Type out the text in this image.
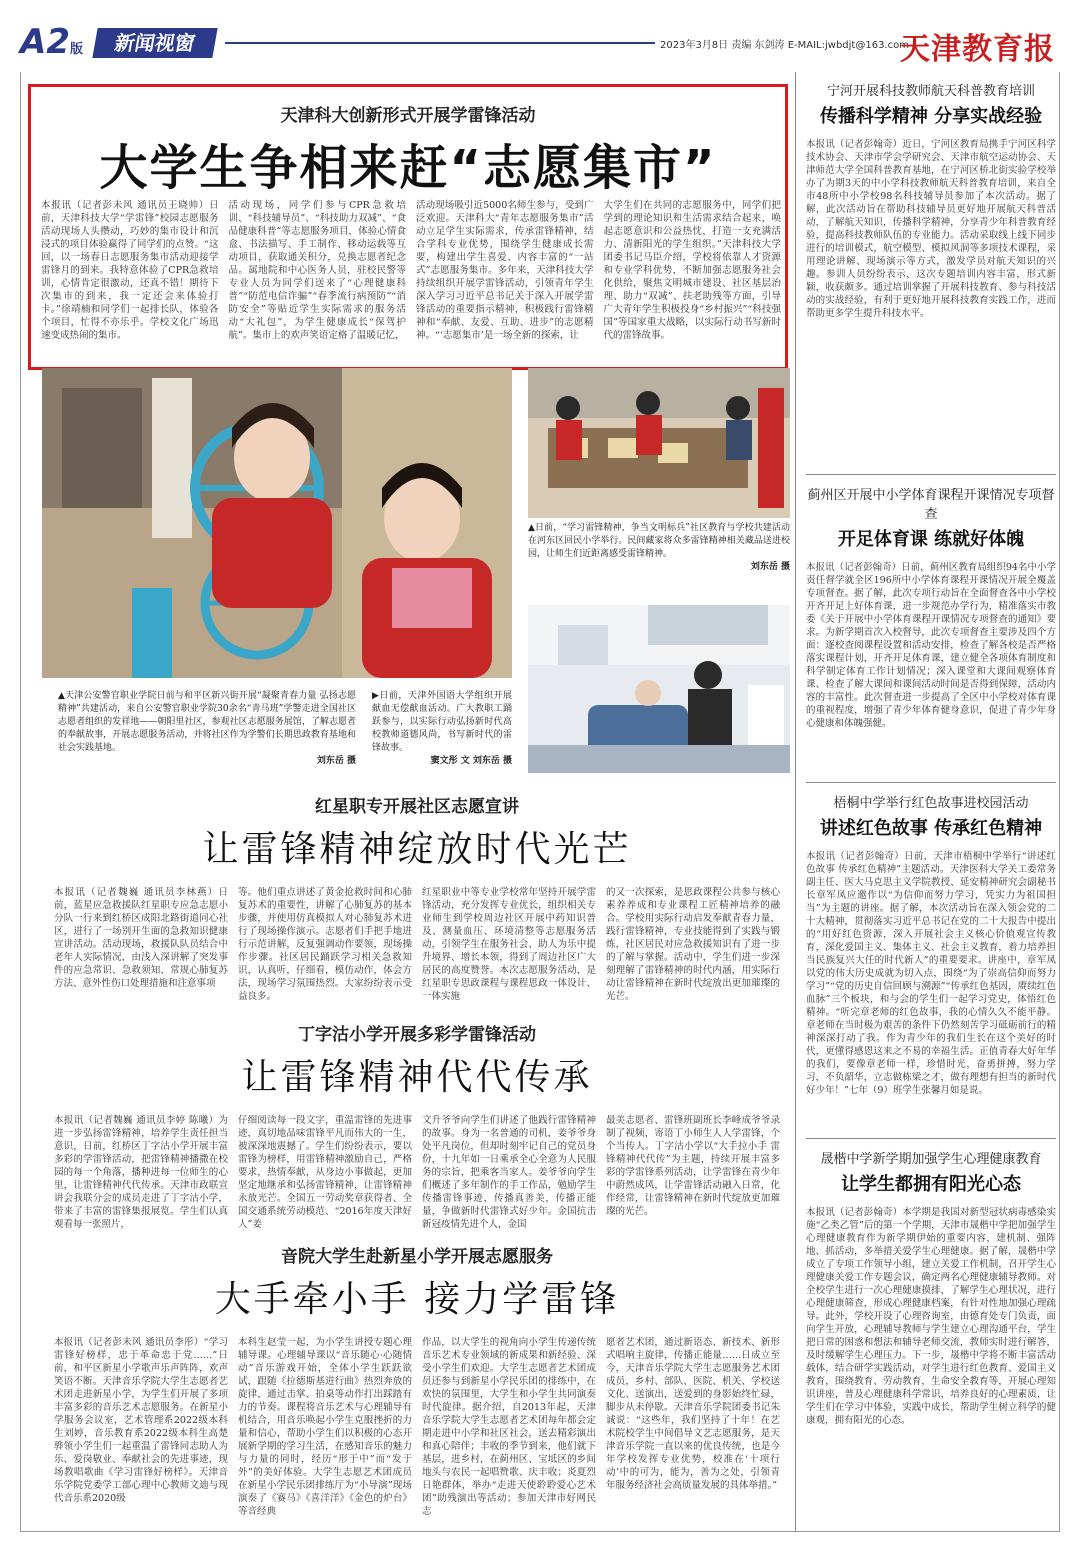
A2版	新闻视窗	2023年3月8日 责编 东剑涛 E-MAIL:jwbdjt@163.com
天津教育报
天津科大创新形式开展学雷锋活动
大学生争相来赶“志愿集市”
本报讯（记者彭未风 通讯员王晓帅）日前，天津科技大学“学雷锋”校园志愿服务活动现场人头攒动，巧妙的集市设计和沉浸式的项目体验赢得了同学们的点赞。“这回，以一场春日志愿服务集市活动迎接学雷锋月的到来。我特意体验了CPR急救培训，心情肯定很激动，还真不错！期待下次集市的到来，我一定还会来体验打卡。”徐靖楠和同学们一起排长队，体验各个项目，忙得不亦乐乎。学校文化广场迅速变成热闹的集市。
活动现场，同学们参与CPR急救培训、“科技辅导员”、“科技助力双减”、“食品健康科普”等志愿服务项目，体验心情食盒、书法描写、手工制作、移动运载等互动项目，获取通关积分，兑换志愿者纪念品。属地院和中心医务人员，驻校民警等专业人员为同学们送来了“心理健康科普”“防范电信诈骗”“春季流行病预防”“消防安全”等贴近学生实际需求的服务活动“大礼包”，为学生健康成长“保驾护航”。集市上的欢声笑语定格了温暖记忆，
活动现场吸引近5000名师生参与，受到广泛欢迎。天津科大“青年志愿服务集市”活动立足学生实际需求，传承雷锋精神，结合学科专业优势，围绕学生健康成长需要，构建出学生喜爱、内容丰富的“一站式”志愿服务集市。多年来，天津科技大学持续组织开展学雷锋活动，引领青年学生深入学习习近平总书记关于深入开展学雷锋活动的重要指示精神，积极践行雷锋精神和“奉献、友爱、互助、进步”的志愿精神。“‘志愿集市’是一场全新的探索，让
大学生们在共同的志愿服务中，同学们把学到的理论知识和生活需求结合起来，唤起志愿意识和公益热忱，打造一支充满活力、清新阳光的学生组织。”天津科技大学团委书记马臣介绍，学校将依靠人才资源和专业学科优势，不断加强志愿服务社会化供给，聚焦文明城市建设、社区基层治理、助力“双减”、扶老助残等方面，引导广大青年学生积极投身“乡村振兴”“科技强国”等国家重大战略，以实际行动书写新时代的雷锋故事。
▲日前，“学习雷锋精神，争当文明标兵”社区教育与学校共建活动在河东区回民小学举行。民间藏家将众多雷锋精神相关藏品送进校园，让师生们近距离感受雷锋精神。
刘东岳 摄
▲天津公安警官职业学院日前与和平区新兴街开展“凝聚青春力量 弘扬志愿精神”共建活动，来自公安警官职业学院30余名“青马班”学警走进全国社区志愿者组织的发祥地——朝阳里社区，参观社区志愿服务展馆，了解志愿者的奉献故事，开展志愿服务活动，并将社区作为学警们长期思政教育基地和社会实践基地。
刘东岳 摄
▶日前，天津外国语大学组织开展献血无偿献血活动。广大教职工踊跃参与，以实际行动弘扬新时代高校教师道德风尚，书写新时代的雷锋故事。
窦文彤 文 刘东岳 摄
红星职专开展社区志愿宣讲
让雷锋精神绽放时代光芒
本报讯（记者魏巍 通讯员李林燕）日前，蓝星应急救援队红星职专应急志愿小分队一行来到红桥区成阳北路街道同心社区，进行了一场别开生面的急救知识健康宣讲活动。活动现场，救援队队员结合中老年人实际情况，由浅入深讲解了突发事件的应急常识、急救须知、常规心肺复苏方法、意外性伤口处理措施和注意事项
等。他们重点讲述了黄金抢救时间和心肺复苏术的重要性，讲解了心肺复苏的基本步骤，并使用仿真模拟人对心肺复苏术进行了现场操作演示。志愿者们手把手地进行示范讲解，反复强调动作要领，现场操作步骤。社区居民踊跃学习相关急救知识，认真听，仔细看，模仿动作，体会方法，现场学习氛围热烈。大家纷纷表示受益良多。
红星职业中等专业学校常年坚持开展学雷锋活动，充分发挥专业优长，组织相关专业师生到学校周边社区开展中药知识普及、测量血压、环境清整等志愿服务活动，引领学生在服务社会、助人为乐中提升境界、增长本领，得到了周边社区广大居民的高度赞誉。本次志愿服务活动，是红星职专思政课程与课程思政一体设计、一体实施
的又一次探索，是思政课程公共参与核心素养养成和专业课程工匠精神培养的融合。学校用实际行动启发奉献青春力量，践行雷锋精神，专业技能得到了实践与锻炼，社区居民对应急救援知识有了进一步的了解与掌握。活动中，学生们进一步深刻理解了雷锋精神的时代内涵，用实际行动让雷锋精神在新时代绽放出更加璀璨的光芒。
丁字沽小学开展多彩学雷锋活动
让雷锋精神代代传承
本报讯（记者魏巍 通讯员李婷 陈曦）为进一步弘扬雷锋精神，培养学生责任担当意识，日前，红桥区丁字沽小学开展丰富多彩的学雷锋活动，把雷锋精神播撒在校园的每一个角落，播种进每一位师生的心里，让雷锋精神代代传承。天津市政联宣讲会我联分会的成员走进了丁字沽小学，带来了丰富的雷锋集报展览。学生们认真观看每一张照片，
仔细阅读每一段文字，重温雷锋的先进事迹，真切地品味雷锋平凡而伟大的一生，被深深地震撼了。学生们纷纷表示，要以雷锋为榜样，用雷锋精神激励自己，严格要求，热情奉献，从身边小事做起，更加坚定地继承和弘扬雷锋精神，让雷锋精神永放光芒。全国五一劳动奖章获得者、全国交通系统劳动模范、“2016年度天津好人”姜
文升爷爷向学生们讲述了他践行雷锋精神的故事。身为一名普通的司机，姜爷爷身处平凡岗位，但却时刻牢记自己的党员身份，十九年如一日乘承全心全意为人民服务的宗旨，把乘客当家人。姜爷爷向学生们概述了多年制作的手工作品，勉励学生传播雷锋事迹，传播真善美，传播正能量，争做新时代雷锋式好少年。金国抗击新冠疫情先进个人，金国
最美志愿者、雷锋班副班长李峰成爷爷录制了视频，寄语丁小师生人人学雷锋，个个当传人。丁字沽小学以“大手拉小手 雷锋精神代代传”为主题，持续开展丰富多彩的学雷锋系列活动，让学雷锋在青少年中蔚然成风，让学雷锋活动融入日常，化作经常，让雷锋精神在新时代绽放更加璀璨的光芒。
音院大学生赴新星小学开展志愿服务
大手牵小手 接力学雷锋
本报讯（记者彭未风 通讯员李彤）“学习雷锋好榜样，忠于革命忠于党……”日前，和平区新星小学歌声乐声阵阵，欢声笑语不断。天津音乐学院大学生志愿者艺术团走进新星小学，为学生们开展了多项丰富多彩的音乐艺术志愿服务。在新星小学服务会议室，艺术管理系2022级本科生刘婷，音乐教育系2022级本科生高楚骅领小学生们一起重温了雷锋同志助人为乐、爱岗敬业、奉献社会的先进事迹，现场教唱歌曲《学习雷锋好榜样》。天津音乐学院党委学工部心理中心教师文迪与现代音乐系2020级
本科生赵莹一起，为小学生讲授专题心理辅导课。心理辅导课以“音乐随心·心随情动”音乐游戏开始，全体小学生跃跃欲试，跟随《拉德斯基进行曲》热烈奔放的旋律，通过击掌、拍桌等动作打出踩踏有力的节奏。课程将音乐艺术与心理辅导有机结合，用音乐唤起小学生克服挫折的力量和信心，帮助小学生们以积极的心态开展新学期的学习生活，在感知音乐的魅力与力量的同时，经历“形于中”而“发于外”的美好体验。大学生志愿艺术团成员在新星小学民乐团排练厅为“小导演”现场演奏了《赛马》《喜洋洋》《金色的炉台》等音经典
作品，以大学生的视角向小学生传递传统音乐艺术专业领域的新成果和新经验、深受小学生们欢迎。大学生志愿者艺术团成员还参与到新星小学民乐团的排练中，在欢快的氛围里，大学生和小学生共同演奏时代旋律。据介绍，自2013年起，天津音乐学院大学生志愿者艺术团每年都会定期走进中小学和社区社会，送去精彩演出和真心陪伴；丰收的季节到来，他们就下基层，进乡村，在蓟州区、宝坻区的乡间地头与农民一起唱赞歌、庆丰收；炎夏烈日艳群体，举办“走进天使聆聆爱心艺术团”助残演出等活动；参加天津市好网民志
愿者艺术团，通过新语态、新技术、新形式唱响主旋律，传播正能量……日成立至今，天津音乐学院大学生志愿服务艺术团成员，乡村、部队、医院、机关、学校送文化、送演出，送爱到的身影始终忙碌，脚步从未停歇。天津音乐学院团委书记朱诚说：“这些年，我们坚持了十年！在艺术院校学生中间倡导文艺志愿服务，是天津音乐学院一直以来的优良传统，也是今年学校发挥专业优势，校准在‘十项行动’中的可为，能为，善为之处，引领青年服务经济社会高质量发展的具体举措。”
宁河开展科技教师航天科普教育培训
传播科学精神 分享实战经验
本报讯（记者彭翰奇）近日，宁河区教育局携手宁河区科学技术协会、天津市学会学研究会、天津市航空运动协会、天津师范大学全国科普教育基地，在宁河区桥北街实验学校举办了为期3天的中小学科技教师航天科普教育培训，来自全市48所中小学校98名科技辅导员参加了本次活动。据了解，此次活动旨在帮助科技辅导员更好地开展航天科普活动，了解航天知识，传播科学精神，分享青少年科普教育经验，提高科技教师队伍的专业能力。活动采取线上线下同步进行的培训模式，航空模型、模拟风洞等多项技术课程，采用理论讲解、现场演示等方式，激发学员对航天知识的兴趣。参训人员纷纷表示，这次专题培训内容丰富，形式新颖，收获颇多。通过培训掌握了开展科技教育、参与科技活动的实战经验，有利于更好地开展科技教育实践工作，进而帮助更多学生提升科技水平。
蓟州区开展中小学体育课程开课情况专项督查
开足体育课 练就好体魄
本报讯（记者彭翰奇）日前，蓟州区教育局组织94名中小学责任督学就全区196所中小学体育课程开课情况开展全覆盖专项督查。据了解，此次专项行动旨在全面督查各中小学校开齐开足上好体育课，进一步规范办学行为，精准落实市教委《关于开展中小学体育课程开课情况专项督查的通知》要求。为新学期首次入校督导，此次专项督查主要涉及四个方面：逐校查阅课程设置和活动安排，检查了解各校是否严格落实课程计划，开齐开足体育课，建立健全各项体育制度和科学制定体育工作计划情况；深入课堂和大课间观察体育课、检查了解大课间和课间活动时间是否得到保障，活动内容的丰富性。此次督查进一步提高了全区中小学校对体育课的重视程度，增强了青少年体育健身意识，促进了青少年身心健康和体魄强健。
梧桐中学举行红色故事进校园活动
讲述红色故事 传承红色精神
本报讯（记者彭翰奇）日前，天津市梧桐中学举行“讲述红色故事 传承红色精神”主题活动。天津医科大学关工委常务副主任、医大马克思主义学院教授、延安精神研究会副秘书长章军凤应邀作以“为信仰而努力学习，凭实力为祖国担当”为主题的讲座。据了解，本次活动旨在深入领会党的二十大精神，贯彻落实习近平总书记在党的二十大报告中提出的“用好红色资源，深入开展社会主义核心价值观宣传教育，深化爱国主义、集体主义、社会主义教育，着力培养担当民族复兴大任的时代新人”的重要要求。讲座中，章军凤以党的伟大历史成就为切入点，围绕“为了崇高信仰而努力学习”“党的历史自信回顾与溯源”“传承红色基因，赓续红色血脉”三个板块，和与会的学生们一起学习党史，体悟红色精神。“听完章老师的红色故事，我的心情久久不能平静。章老师在当时极为艰苦的条件下仍然刻苦学习砥砺前行的精神深深打动了我。作为青少年的我们生长在这个美好的时代，更懂得感恩这来之不易的幸福生活。正值青春大好年华的我们，要像章老师一样，珍惜时光，奋勇拼搏，努力学习，不负韶华，立志做栋梁之才，做有理想有担当的新时代好少年！”七年（9）班学生张馨月如是说。
晟楷中学新学期加强学生心理健康教育
让学生都拥有阳光心态
本报讯（记者彭翰奇）本学期是我国对新型冠状病毒感染实施“乙类乙管”后的第一个学期，天津市晟楷中学把加强学生心理健康教育作为新学期伊始的重要内容，建机制、强阵地、抓活动，多举措关爱学生心理健康。据了解，晟楷中学成立了专项工作领导小组，建立关爱工作机制，召开学生心理健康关爱工作专题会议，确定两名心理健康辅导教师。对全校学生进行一次心理健康摸排，了解学生心理状况，进行心理健康筛查，形成心理健康档案，有针对性地加强心理疏导。此外，学校开设了心理咨询室，由德育处专门负责，面向学生开放，心理辅导教师与学生建立心理沟通平台，学生把日常的困惑和想法和辅导老师交流，教师实时进行解答，及时缓解学生心理压力。下一步，晟楷中学将不断丰富活动载体，结合研学实践活动，对学生进行红色教育、爱国主义教育，围绕教育、劳动教育，生命安全教育等，开展心理知识讲座，普及心理健康科学常识，培养良好的心理素质，让学生们在学习中体验，实践中成长，帮助学生树立科学的健康观，拥有阳光的心态。
